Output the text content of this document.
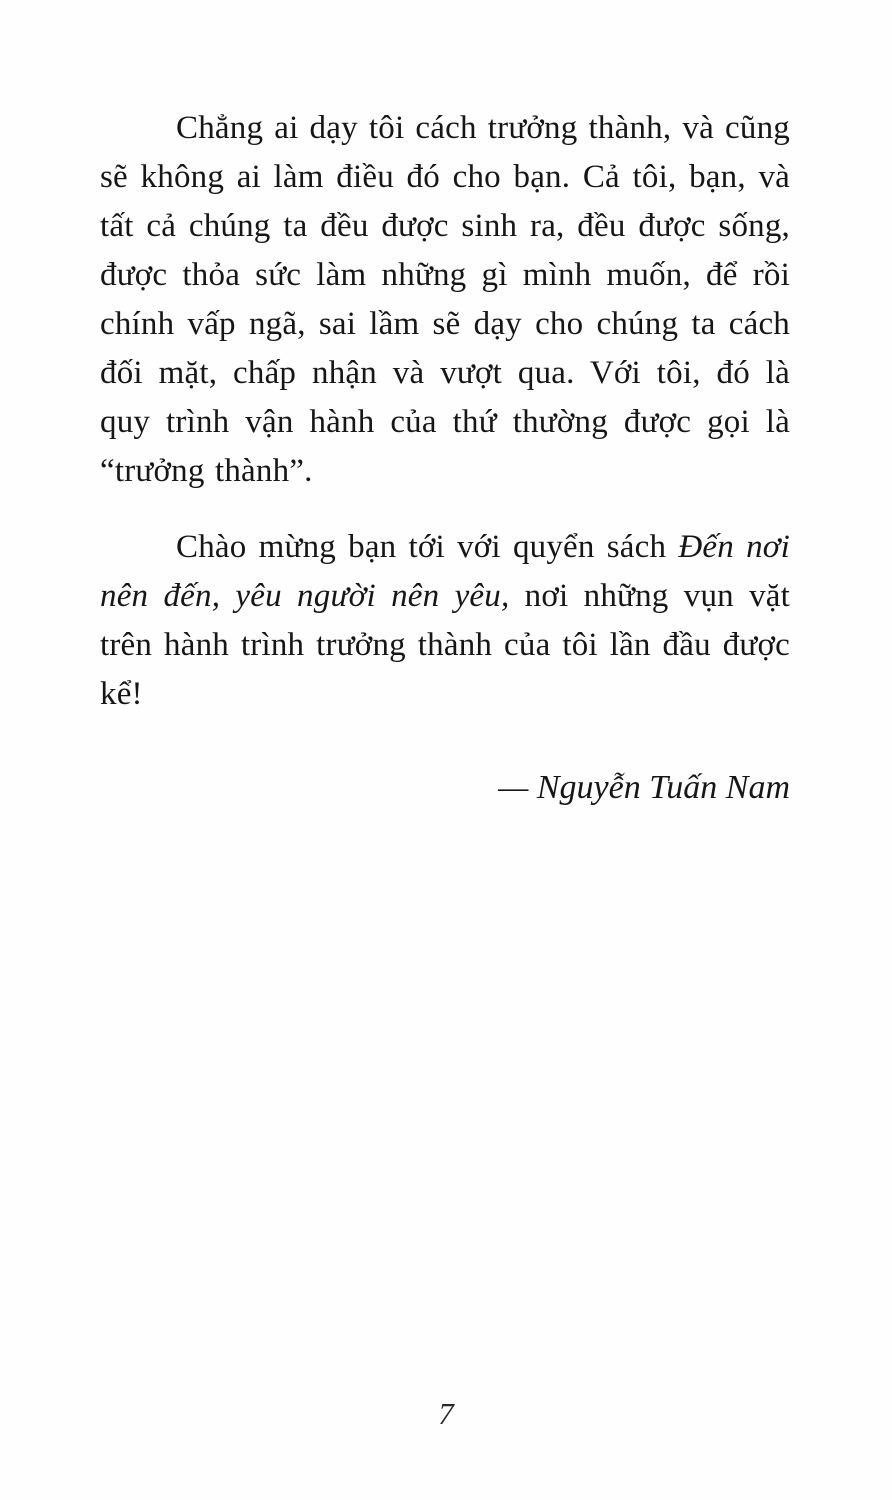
Chẳng ai dạy tôi cách trưởng thành, và cũng sẽ không ai làm điều đó cho bạn. Cả tôi, bạn, và tất cả chúng ta đều được sinh ra, đều được sống, được thỏa sức làm những gì mình muốn, để rồi chính vấp ngã, sai lầm sẽ dạy cho chúng ta cách đối mặt, chấp nhận và vượt qua. Với tôi, đó là quy trình vận hành của thứ thường được gọi là “trưởng thành”.

Chào mừng bạn tới với quyển sách Đến nơi nên đến, yêu người nên yêu, nơi những vụn vặt trên hành trình trưởng thành của tôi lần đầu được kể!

— Nguyễn Tuấn Nam

7
